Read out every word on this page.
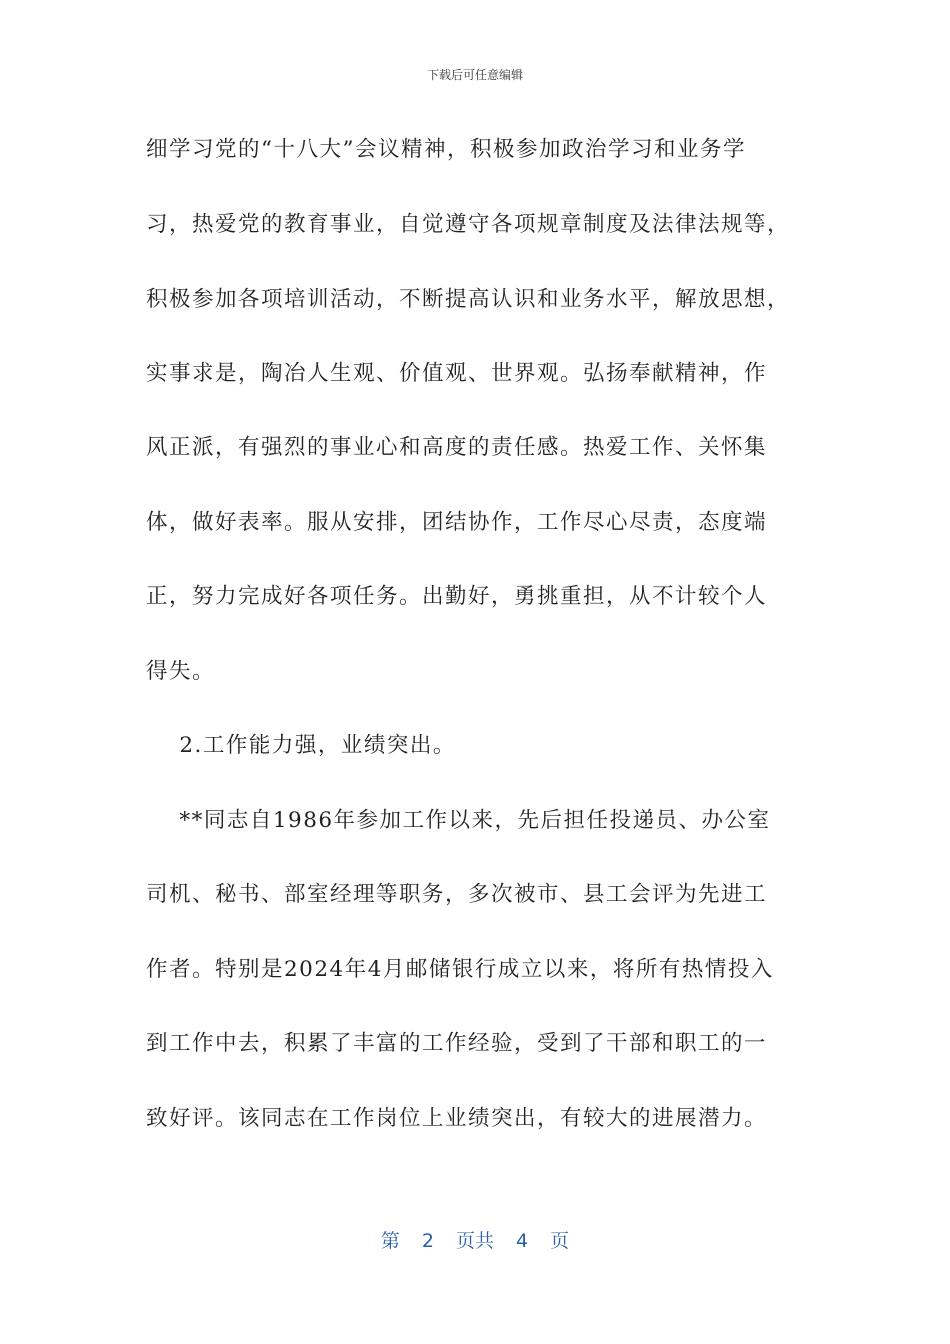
下载后可任意编辑
细学习党的“十八大”会议精神，积极参加政治学习和业务学
习，热爱党的教育事业，自觉遵守各项规章制度及法律法规等，
积极参加各项培训活动，不断提高认识和业务水平，解放思想，
实事求是，陶冶人生观、价值观、世界观。弘扬奉献精神，作
风正派，有强烈的事业心和高度的责任感。热爱工作、关怀集
体，做好表率。服从安排，团结协作，工作尽心尽责，态度端
正，努力完成好各项任务。出勤好，勇挑重担，从不计较个人
得失。
2.工作能力强，业绩突出。
**同志自1986年参加工作以来，先后担任投递员、办公室
司机、秘书、部室经理等职务，多次被市、县工会评为先进工
作者。特别是2024年4月邮储银行成立以来，将所有热情投入
到工作中去，积累了丰富的工作经验，受到了干部和职工的一
致好评。该同志在工作岗位上业绩突出，有较大的进展潜力。
第 2 页共 4 页
